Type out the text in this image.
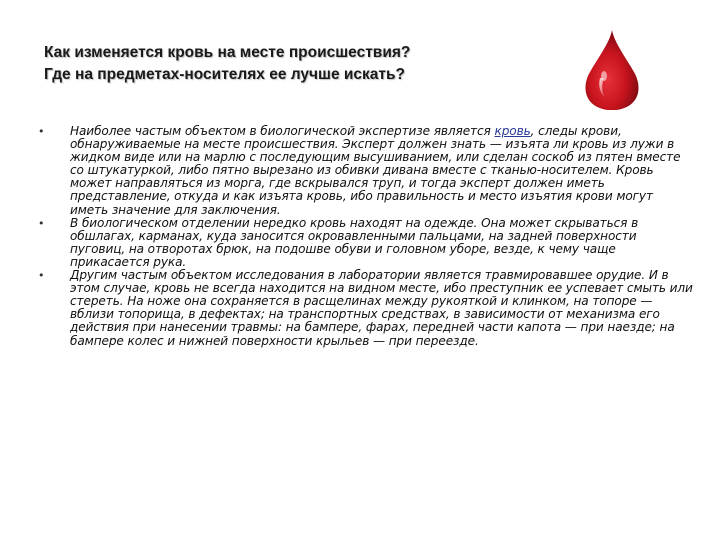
Как изменяется кровь на месте происшествия?
Где на предметах-носителях ее лучше искать?
• Наиболее частым объектом в биологической экспертизе является кровь, следы крови, обнаруживаемые на месте происшествия. Эксперт должен знать — изъята ли кровь из лужи в жидком виде или на марлю с последующим высушиванием, или сделан соскоб из пятен вместе со штукатуркой, либо пятно вырезано из обивки дивана вместе с тканью-носителем. Кровь может направляться из морга, где вскрывался труп, и тогда эксперт должен иметь представление, откуда и как изъята кровь, ибо правильность и место изъятия крови могут иметь значение для заключения.
• В биологическом отделении нередко кровь находят на одежде. Она может скрываться в обшлагах, карманах, куда заносится окровавленными пальцами, на задней поверхности пуговиц, на отворотах брюк, на подошве обуви и головном уборе, везде, к чему чаще прикасается рука.
• Другим частым объектом исследования в лаборатории является травмировавшее орудие. И в этом случае, кровь не всегда находится на видном месте, ибо преступник ее успевает смыть или стереть. На ноже она сохраняется в расщелинах между рукояткой и клинком, на топоре — вблизи топорища, в дефектах; на транспортных средствах, в зависимости от механизма его действия при нанесении травмы: на бампере, фарах, передней части капота — при наезде; на бампере колес и нижней поверхности крыльев — при переезде.
